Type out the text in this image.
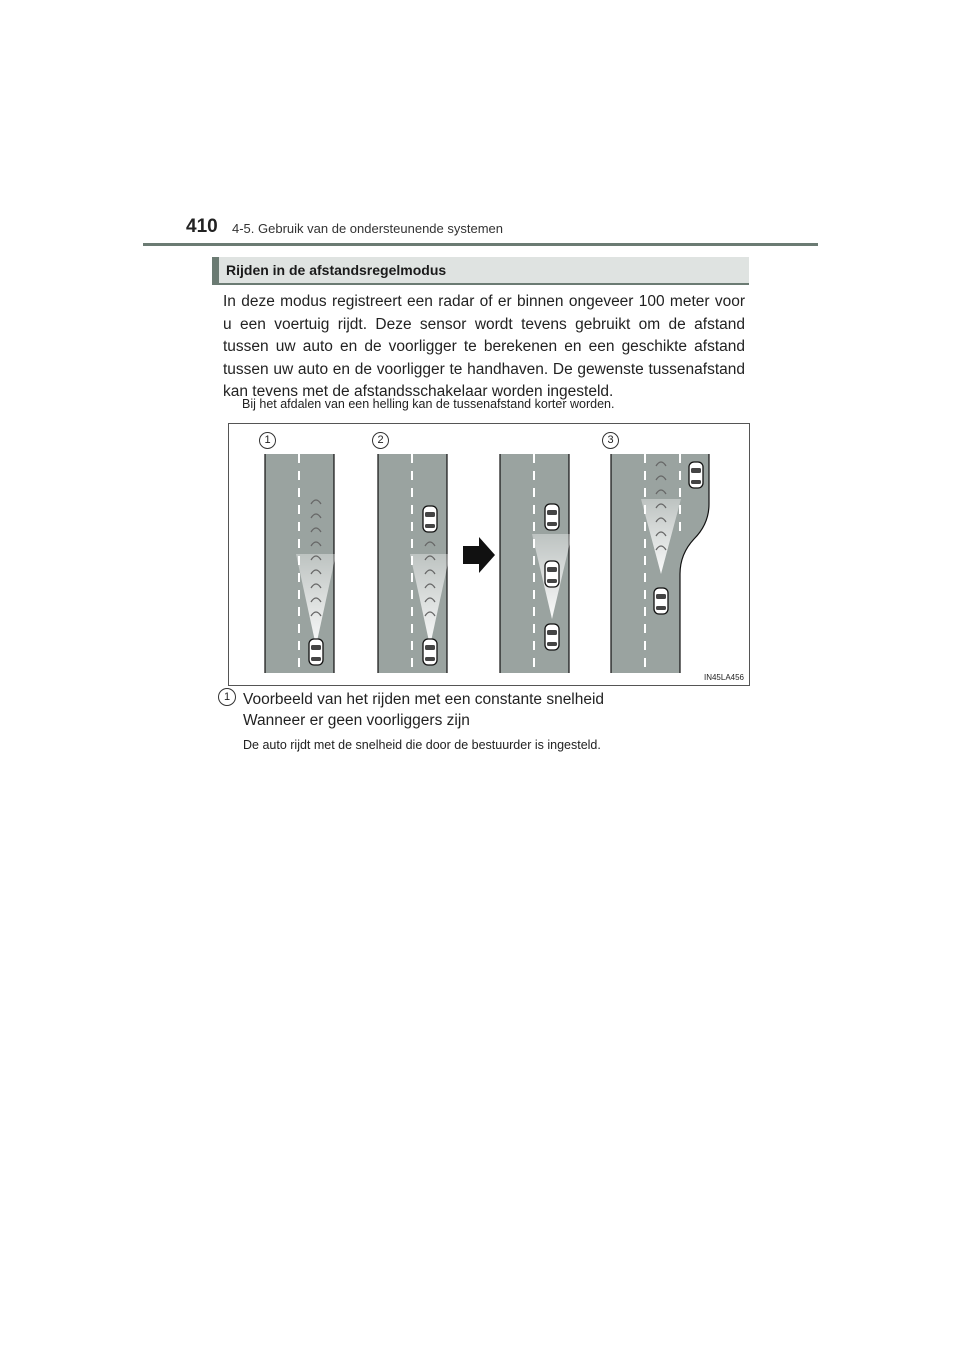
410 4-5. Gebruik van de ondersteunende systemen
Rijden in de afstandsregelmodus
In deze modus registreert een radar of er binnen ongeveer 100 meter voor u een voertuig rijdt. Deze sensor wordt tevens gebruikt om de afstand tussen uw auto en de voorligger te berekenen en een geschikte afstand tussen uw auto en de voorligger te handhaven. De gewenste tussenafstand kan tevens met de afstandsschakelaar worden ingesteld.
Bij het afdalen van een helling kan de tussenafstand korter worden.
1	2	3
IN45LA456
1 Voorbeeld van het rijden met een constante snelheid
Wanneer er geen voorliggers zijn
De auto rijdt met de snelheid die door de bestuurder is ingesteld.
